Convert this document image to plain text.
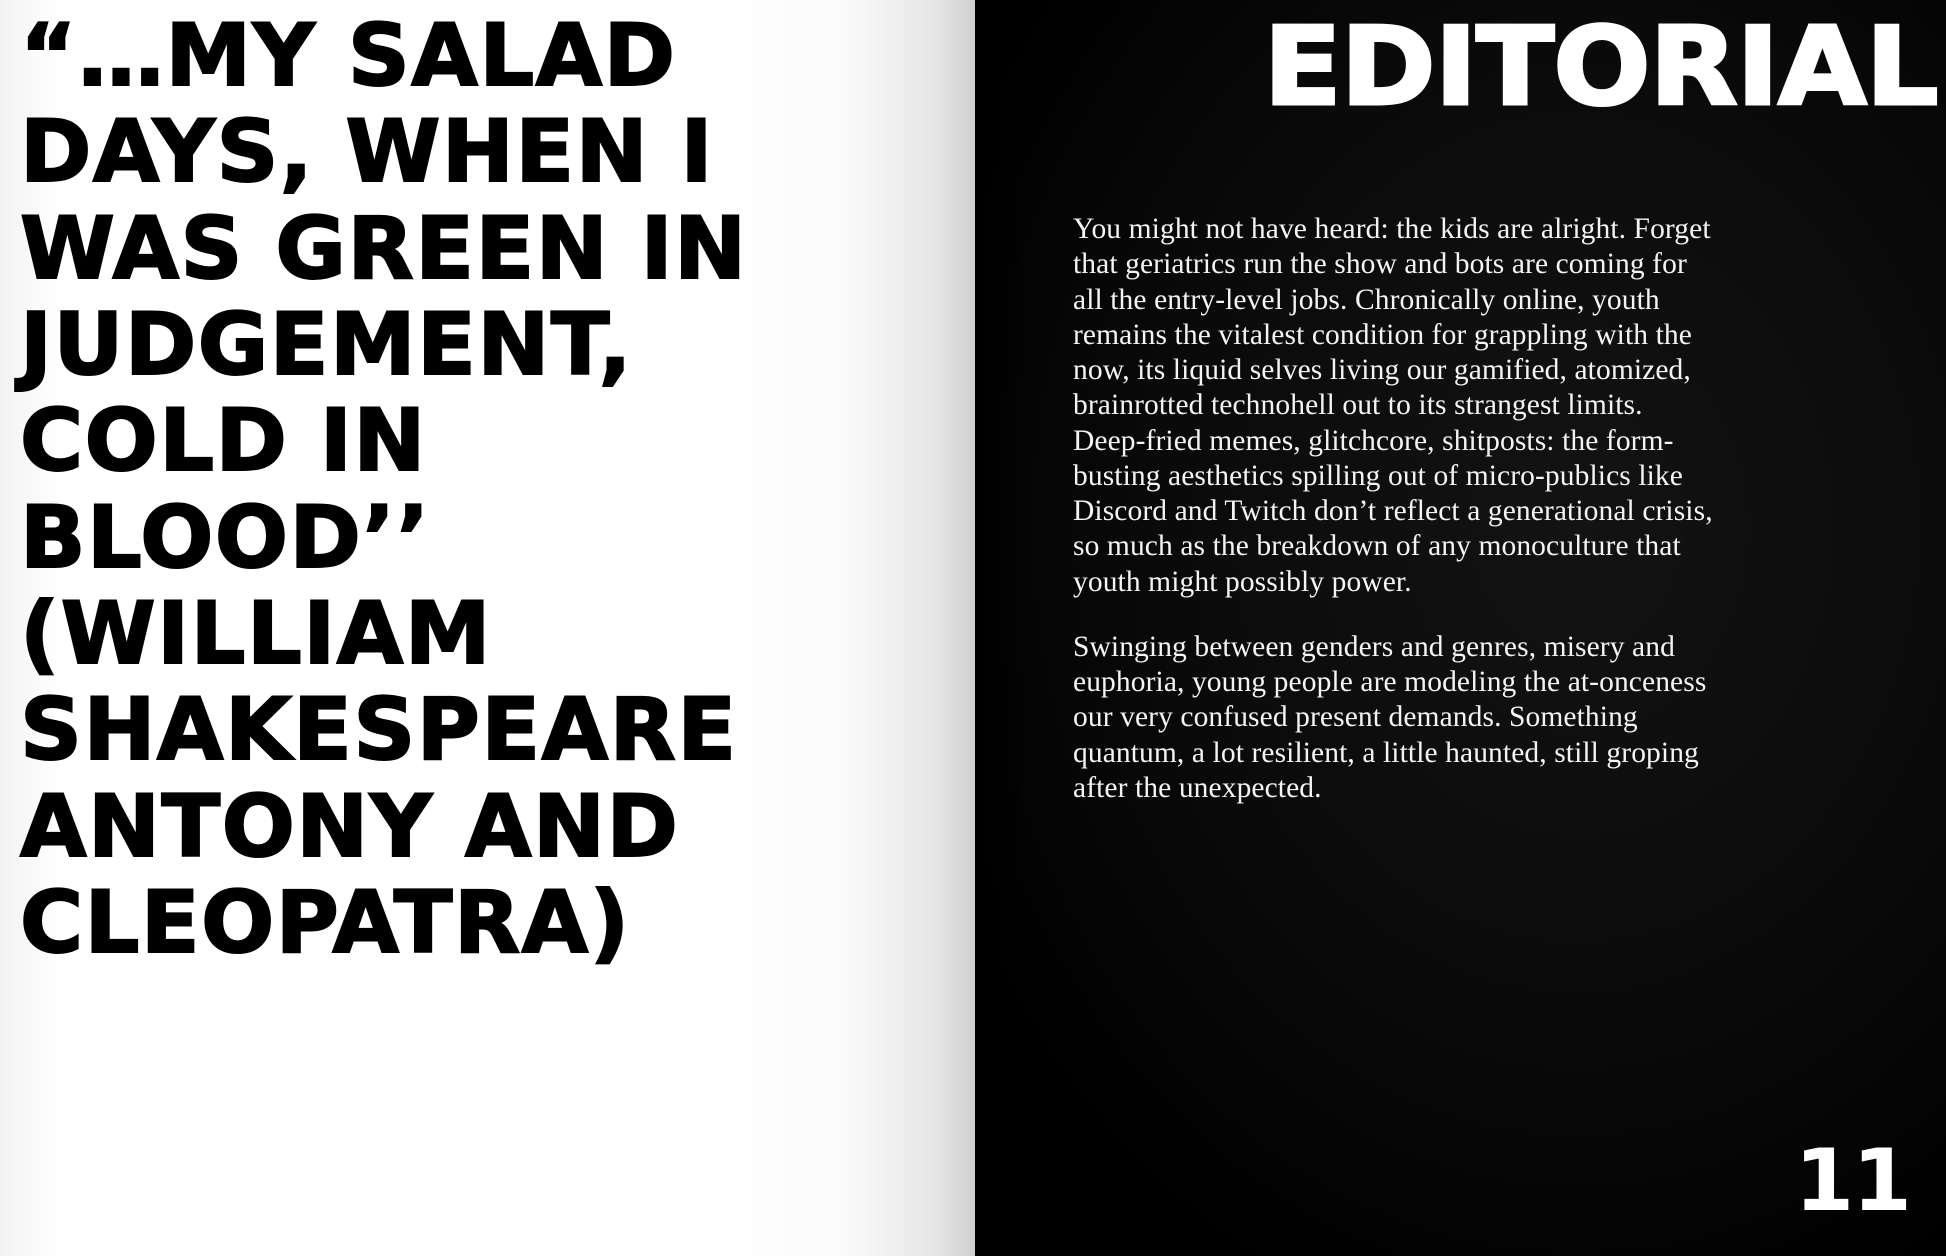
“…MY SALAD DAYS, WHEN I WAS GREEN IN JUDGEMENT, COLD IN BLOOD’’ (WILLIAM SHAKESPEARE ANTONY AND CLEOPATRA)
EDITORIAL

You might not have heard: the kids are alright. Forget that geriatrics run the show and bots are coming for all the entry-level jobs. Chronically online, youth remains the vitalest condition for grappling with the now, its liquid selves living our gamified, atomized, brainrotted technohell out to its strangest limits. Deep-fried memes, glitchcore, shitposts: the form-busting aesthetics spilling out of micro-publics like Discord and Twitch don’t reflect a generational crisis, so much as the breakdown of any monoculture that youth might possibly power.

Swinging between genders and genres, misery and euphoria, young people are modeling the at-onceness our very confused present demands. Something quantum, a lot resilient, a little haunted, still groping after the unexpected.

11
